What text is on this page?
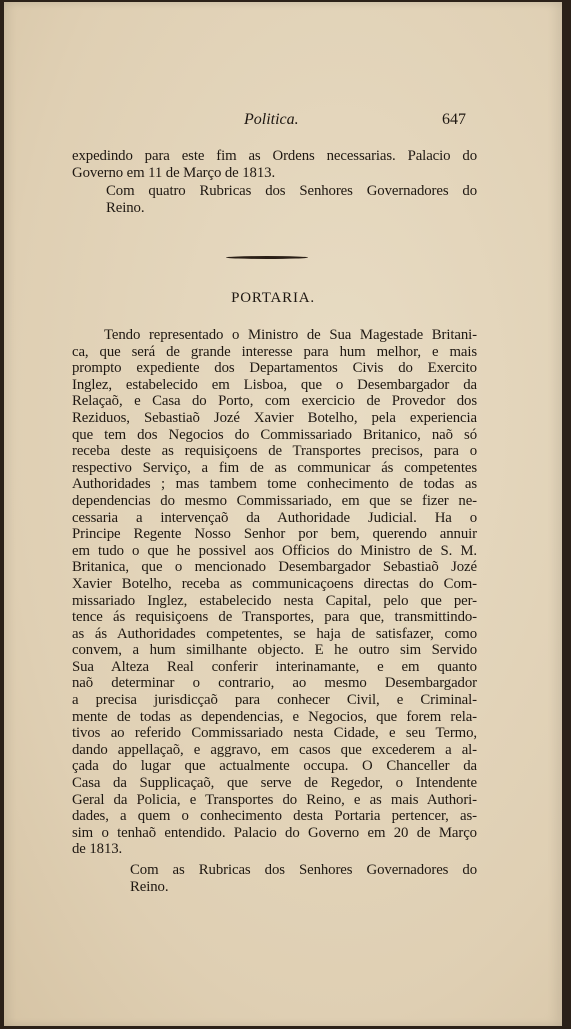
Politica.	647
expedindo para este fim as Ordens necessarias. Palacio do
Governo em 11 de Março de 1813.
Com quatro Rubricas dos Senhores Governadores do
Reino.
PORTARIA.
Tendo representado o Ministro de Sua Magestade Britani-
ca, que será de grande interesse para hum melhor, e mais
prompto expediente dos Departamentos Civis do Exercito
Inglez, estabelecido em Lisboa, que o Desembargador da
Relaçaõ, e Casa do Porto, com exercicio de Provedor dos
Reziduos, Sebastiaõ Jozé Xavier Botelho, pela experiencia
que tem dos Negocios do Commissariado Britanico, naõ só
receba deste as requisiçoens de Transportes precisos, para o
respectivo Serviço, a fim de as communicar ás competentes
Authoridades ; mas tambem tome conhecimento de todas as
dependencias do mesmo Commissariado, em que se fizer ne-
cessaria a intervençaõ da Authoridade Judicial. Ha o
Principe Regente Nosso Senhor por bem, querendo annuir
em tudo o que he possivel aos Officios do Ministro de S. M.
Britanica, que o mencionado Desembargador Sebastiaõ Jozé
Xavier Botelho, receba as communicaçoens directas do Com-
missariado Inglez, estabelecido nesta Capital, pelo que per-
tence ás requisiçoens de Transportes, para que, transmittindo-
as ás Authoridades competentes, se haja de satisfazer, como
convem, a hum similhante objecto. E he outro sim Servido
Sua Alteza Real conferir interinamante, e em quanto
naõ determinar o contrario, ao mesmo Desembargador
a precisa jurisdicçaõ para conhecer Civil, e Criminal-
mente de todas as dependencias, e Negocios, que forem rela-
tivos ao referido Commissariado nesta Cidade, e seu Termo,
dando appellaçaõ, e aggravo, em casos que excederem a al-
çada do lugar que actualmente occupa. O Chanceller da
Casa da Supplicaçaõ, que serve de Regedor, o Intendente
Geral da Policia, e Transportes do Reino, e as mais Authori-
dades, a quem o conhecimento desta Portaria pertencer, as-
sim o tenhaõ entendido. Palacio do Governo em 20 de Março
de 1813.
Com as Rubricas dos Senhores Governadores do
Reino.
